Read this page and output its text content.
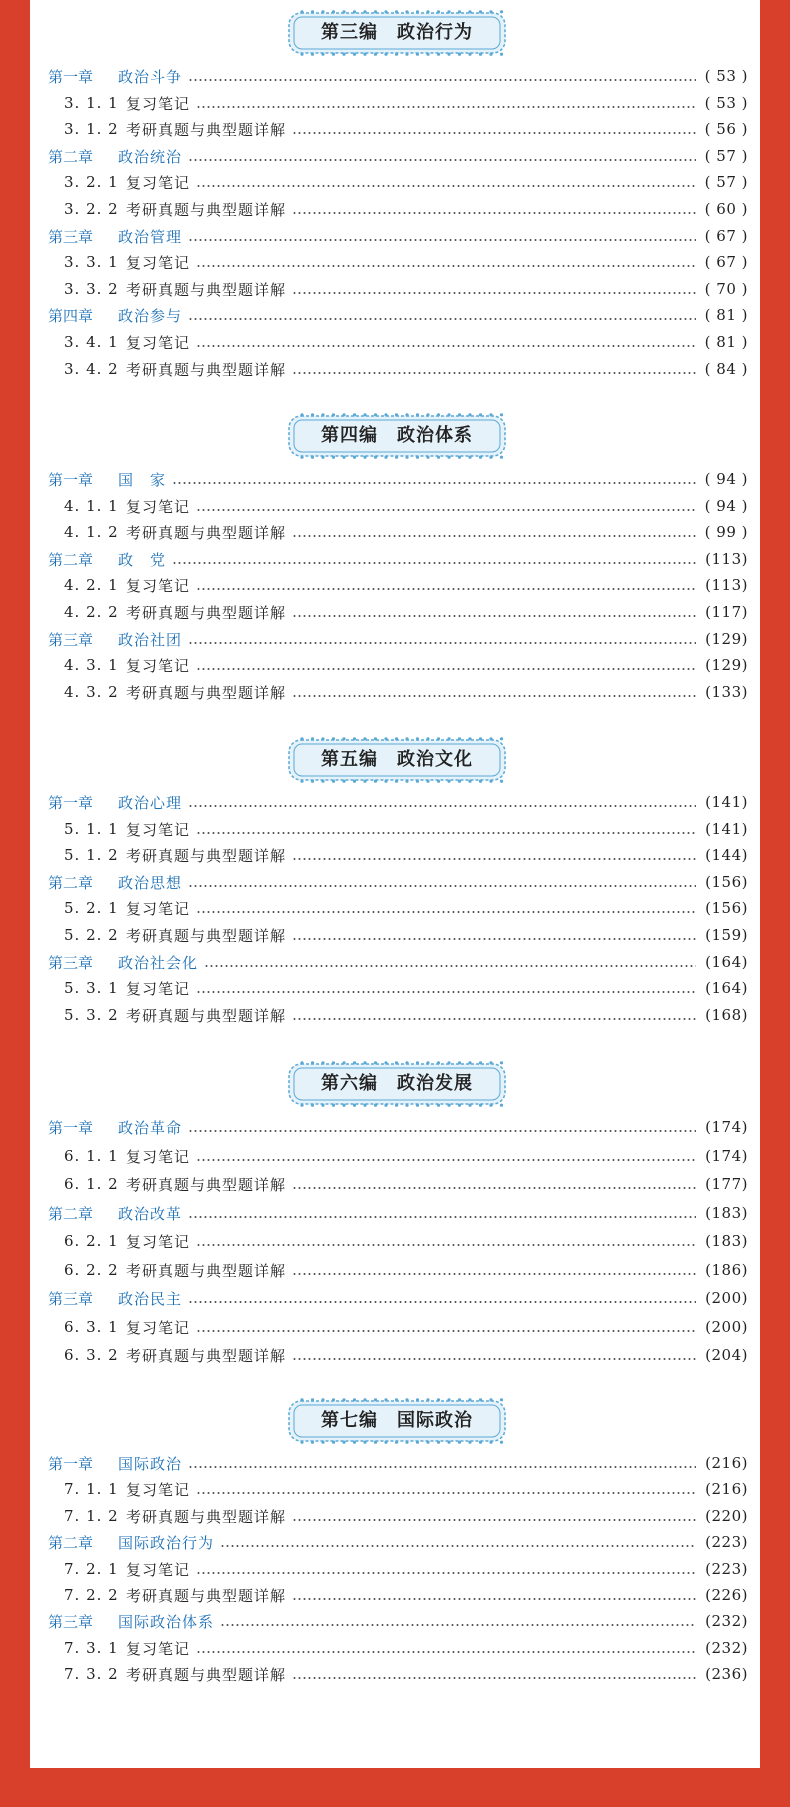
第三编　政治行为
第一章	政治斗争	( 53 )
3. 1. 1 复习笔记	( 53 )
3. 1. 2 考研真题与典型题详解	( 56 )
第二章	政治统治	( 57 )
3. 2. 1 复习笔记	( 57 )
3. 2. 2 考研真题与典型题详解	( 60 )
第三章	政治管理	( 67 )
3. 3. 1 复习笔记	( 67 )
3. 3. 2 考研真题与典型题详解	( 70 )
第四章	政治参与	( 81 )
3. 4. 1 复习笔记	( 81 )
3. 4. 2 考研真题与典型题详解	( 84 )
第四编　政治体系
第一章	国　家	( 94 )
4. 1. 1 复习笔记	( 94 )
4. 1. 2 考研真题与典型题详解	( 99 )
第二章	政　党	(113)
4. 2. 1 复习笔记	(113)
4. 2. 2 考研真题与典型题详解	(117)
第三章	政治社团	(129)
4. 3. 1 复习笔记	(129)
4. 3. 2 考研真题与典型题详解	(133)
第五编　政治文化
第一章	政治心理	(141)
5. 1. 1 复习笔记	(141)
5. 1. 2 考研真题与典型题详解	(144)
第二章	政治思想	(156)
5. 2. 1 复习笔记	(156)
5. 2. 2 考研真题与典型题详解	(159)
第三章	政治社会化	(164)
5. 3. 1 复习笔记	(164)
5. 3. 2 考研真题与典型题详解	(168)
第六编　政治发展
第一章	政治革命	(174)
6. 1. 1 复习笔记	(174)
6. 1. 2 考研真题与典型题详解	(177)
第二章	政治改革	(183)
6. 2. 1 复习笔记	(183)
6. 2. 2 考研真题与典型题详解	(186)
第三章	政治民主	(200)
6. 3. 1 复习笔记	(200)
6. 3. 2 考研真题与典型题详解	(204)
第七编　国际政治
第一章	国际政治	(216)
7. 1. 1 复习笔记	(216)
7. 1. 2 考研真题与典型题详解	(220)
第二章	国际政治行为	(223)
7. 2. 1 复习笔记	(223)
7. 2. 2 考研真题与典型题详解	(226)
第三章	国际政治体系	(232)
7. 3. 1 复习笔记	(232)
7. 3. 2 考研真题与典型题详解	(236)
